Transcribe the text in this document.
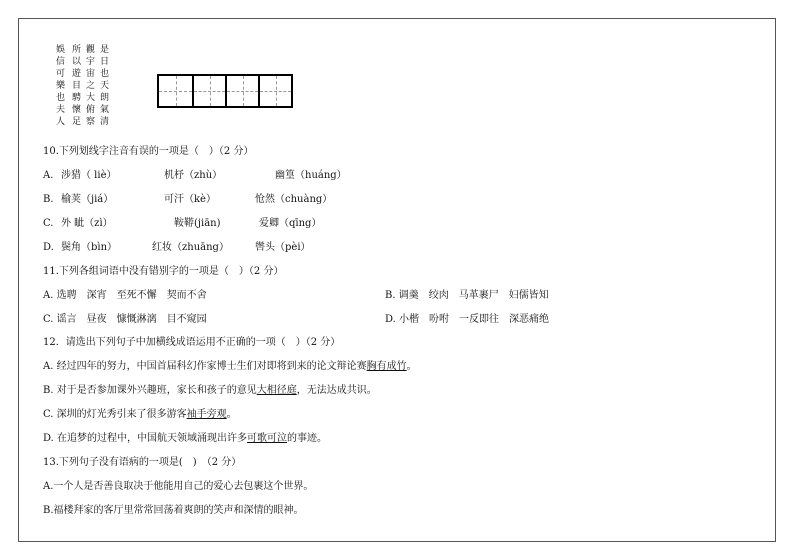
是
日
也
天
朗
氣
清
觀
宇
宙
之
大
俯
察
所
以
遊
目
騁
懷
足
娛
信
可
樂
也
夫
人
10.下列划线字注音有误的一项是（　）（2 分）
A. 涉猎（ liè）	机杼（zhù）	幽篁（huáng）
B. 榆荚（jiá）	可汗（kè）	怆然（chuàng）
C. 外 眦（zì）	鞍鞯(jiān)	爱卿（qīng）
D. 鬓角（bìn）	红妆（zhuāng）	辔头（pèi）
11.下列各组词语中没有错别字的一项是（　）（2 分）
A. 选聘　深宵　至死不懈　契而不舍	B. 调羹　绞肉　马革裹尸　妇儒皆知
C. 谣言　昼夜　慷慨淋漓　目不窥园	D. 小楷　吩咐　一反即往　深恶痛绝
12．请选出下列句子中加横线成语运用不正确的一项（　）（2 分）
A. 经过四年的努力，中国首届科幻作家博士生们对即将到来的论文辩论赛胸有成竹。
B. 对于是否参加课外兴趣班，家长和孩子的意见大相径庭，无法达成共识。
C. 深圳的灯光秀引来了很多游客袖手旁观。
D. 在追梦的过程中，中国航天领域涌现出许多可歌可泣的事迹。
13.下列句子没有语病的一项是(　)　（2 分）
A.一个人是否善良取决于他能用自己的爱心去包裹这个世界。
B.福楼拜家的客厅里常常回荡着爽朗的笑声和深情的眼神。
